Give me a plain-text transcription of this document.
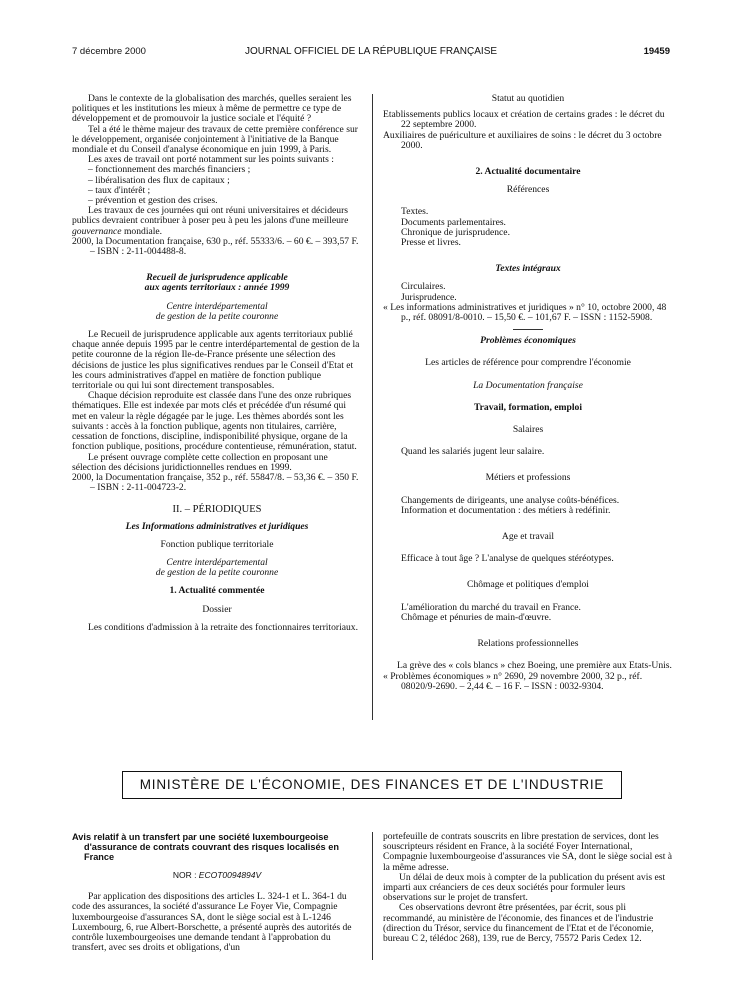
7 décembre 2000	JOURNAL OFFICIEL DE LA RÉPUBLIQUE FRANÇAISE	19459

Dans le contexte de la globalisation des marchés, quelles seraient les politiques et les institutions les mieux à même de permettre ce type de développement et de promouvoir la justice sociale et l'équité ?

Tel a été le thème majeur des travaux de cette première conférence sur le développement, organisée conjointement à l'initiative de la Banque mondiale et du Conseil d'analyse économique en juin 1999, à Paris.

Les axes de travail ont porté notamment sur les points suivants :

– fonctionnement des marchés financiers ;

– libéralisation des flux de capitaux ;

– taux d'intérêt ;

– prévention et gestion des crises.

Les travaux de ces journées qui ont réuni universitaires et décideurs publics devraient contribuer à poser peu à peu les jalons d'une meilleure gouvernance mondiale.

2000, la Documentation française, 630 p., réf. 55333/6. – 60 €. – 393,57 F. – ISBN : 2-11-004488-8.

Recueil de jurisprudence applicable

aux agents territoriaux : année 1999

Centre interdépartemental

de gestion de la petite couronne

Le Recueil de jurisprudence applicable aux agents territoriaux publié chaque année depuis 1995 par le centre interdépartemental de gestion de la petite couronne de la région Ile-de-France présente une sélection des décisions de justice les plus significatives rendues par le Conseil d'Etat et les cours administratives d'appel en matière de fonction publique territoriale ou qui lui sont directement transposables.

Chaque décision reproduite est classée dans l'une des onze rubriques thématiques. Elle est indexée par mots clés et précédée d'un résumé qui met en valeur la règle dégagée par le juge. Les thèmes abordés sont les suivants : accès à la fonction publique, agents non titulaires, carrière, cessation de fonctions, discipline, indisponibilité physique, organe de la fonction publique, positions, procédure contentieuse, rémunération, statut.

Le présent ouvrage complète cette collection en proposant une sélection des décisions juridictionnelles rendues en 1999.

2000, la Documentation française, 352 p., réf. 55847/8. – 53,36 €. – 350 F. – ISBN : 2-11-004723-2.

II. – PÉRIODIQUES

Les Informations administratives et juridiques

Fonction publique territoriale

Centre interdépartemental

de gestion de la petite couronne

1. Actualité commentée

Dossier

Les conditions d'admission à la retraite des fonctionnaires territoriaux.

Statut au quotidien

Etablissements publics locaux et création de certains grades : le décret du 22 septembre 2000.

Auxiliaires de puériculture et auxiliaires de soins : le décret du 3 octobre 2000.

2. Actualité documentaire

Références

Textes.

Documents parlementaires.

Chronique de jurisprudence.

Presse et livres.

Textes intégraux

Circulaires.

Jurisprudence.

« Les informations administratives et juridiques » n° 10, octobre 2000, 48 p., réf. 08091/8-0010. – 15,50 €. – 101,67 F. – ISSN : 1152-5908.

Problèmes économiques

Les articles de référence pour comprendre l'économie

La Documentation française

Travail, formation, emploi

Salaires

Quand les salariés jugent leur salaire.

Métiers et professions

Changements de dirigeants, une analyse coûts-bénéfices.

Information et documentation : des métiers à redéfinir.

Age et travail

Efficace à tout âge ? L'analyse de quelques stéréotypes.

Chômage et politiques d'emploi

L'amélioration du marché du travail en France.

Chômage et pénuries de main-d'œuvre.

Relations professionnelles

La grève des « cols blancs » chez Boeing, une première aux Etats-Unis.

« Problèmes économiques » n° 2690, 29 novembre 2000, 32 p., réf. 08020/9-2690. – 2,44 €. – 16 F. – ISSN : 0032-9304.

MINISTÈRE DE L'ÉCONOMIE, DES FINANCES ET DE L'INDUSTRIE

Avis relatif à un transfert par une société luxembourgeoise d'assurance de contrats couvrant des risques localisés en France

NOR : ECOT0094894V

Par application des dispositions des articles L. 324-1 et L. 364-1 du code des assurances, la société d'assurance Le Foyer Vie, Compagnie luxembourgeoise d'assurances SA, dont le siège social est à L-1246 Luxembourg, 6, rue Albert-Borschette, a présenté auprès des autorités de contrôle luxembourgeoises une demande tendant à l'approbation du transfert, avec ses droits et obligations, d'un

portefeuille de contrats souscrits en libre prestation de services, dont les souscripteurs résident en France, à la société Foyer International, Compagnie luxembourgeoise d'assurances vie SA, dont le siège social est à la même adresse.

Un délai de deux mois à compter de la publication du présent avis est imparti aux créanciers de ces deux sociétés pour formuler leurs observations sur le projet de transfert.

Ces observations devront être présentées, par écrit, sous pli recommandé, au ministère de l'économie, des finances et de l'industrie (direction du Trésor, service du financement de l'Etat et de l'économie, bureau C 2, télédoc 268), 139, rue de Bercy, 75572 Paris Cedex 12.
